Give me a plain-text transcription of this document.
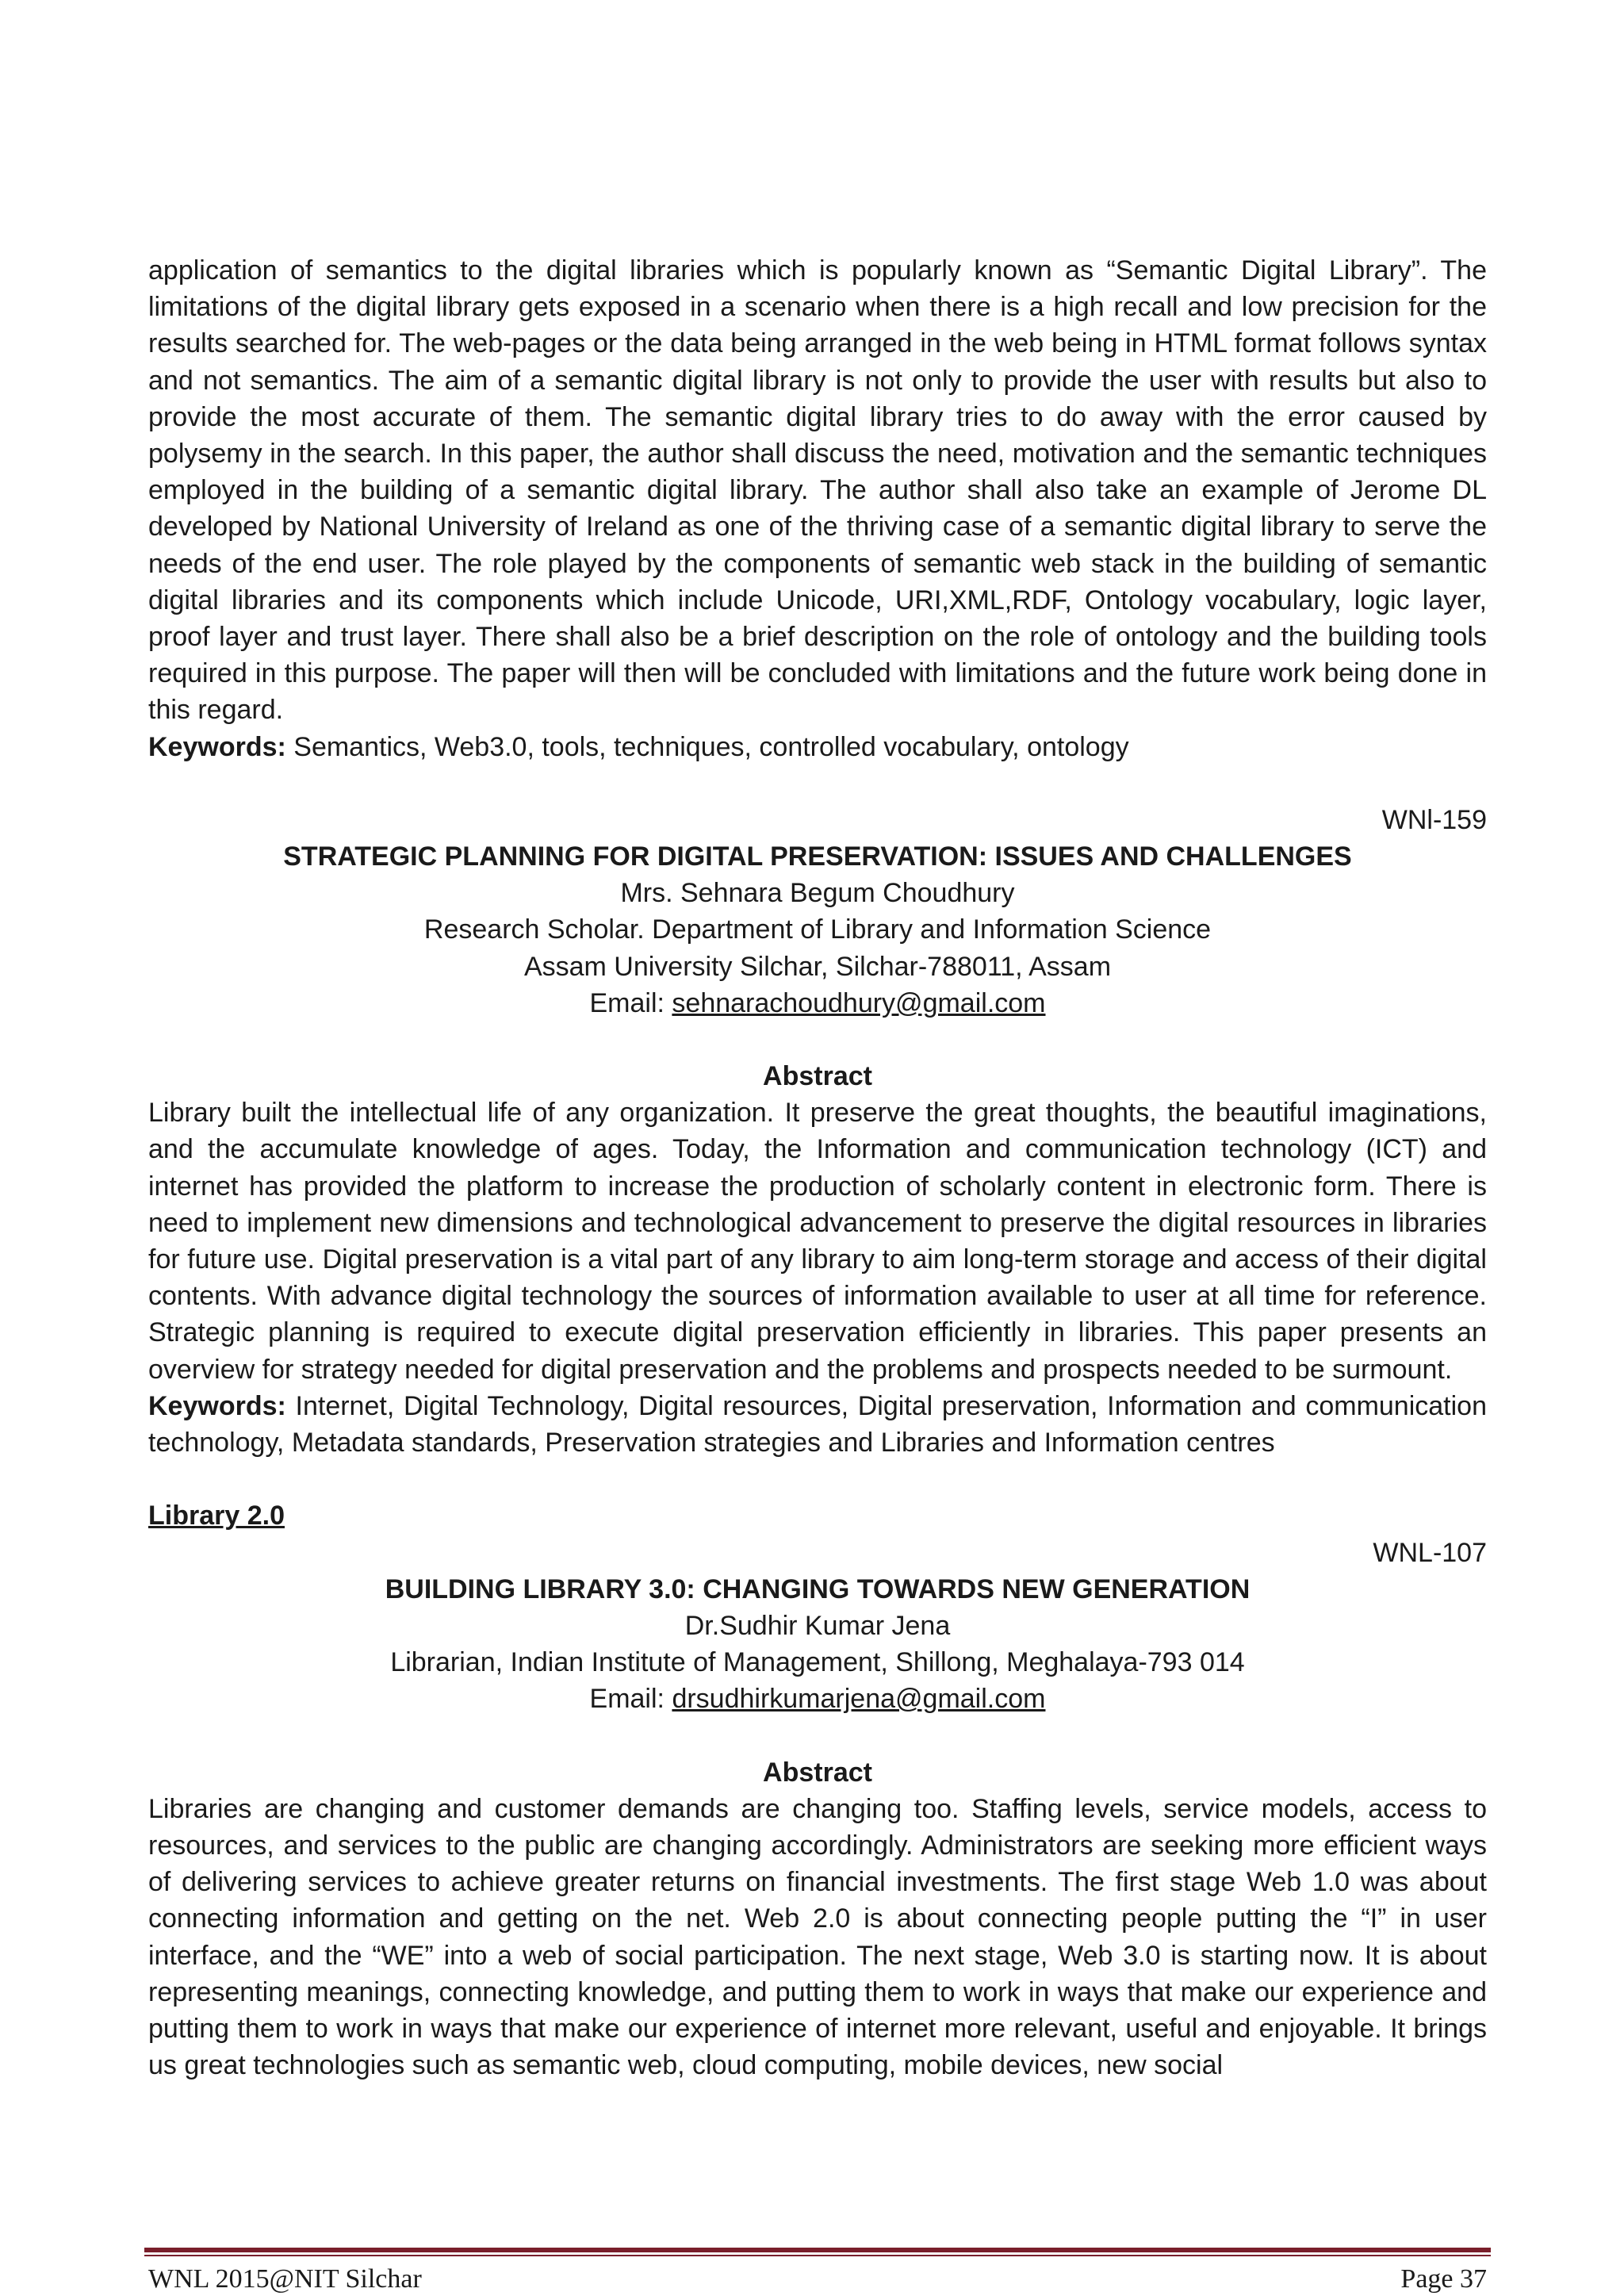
application of semantics to the digital libraries which is popularly known as “Semantic Digital Library”. The limitations of the digital library gets exposed in a scenario when there is a high recall and low precision for the results searched for. The web-pages or the data being arranged in the web being in HTML format follows syntax and not semantics. The aim of a semantic digital library is not only to provide the user with results but also to provide the most accurate of them. The semantic digital library tries to do away with the error caused by polysemy in the search. In this paper, the author shall discuss the need, motivation and the semantic techniques employed in the building of a semantic digital library. The author shall also take an example of Jerome DL developed by National University of Ireland as one of the thriving case of a semantic digital library to serve the needs of the end user. The role played by the components of semantic web stack in the building of semantic digital libraries and its components which include Unicode, URI,XML,RDF, Ontology vocabulary, logic layer, proof layer and trust layer. There shall also be a brief description on the role of ontology and the building tools required in this purpose. The paper will then will be concluded with limitations and the future work being done in this regard.

Keywords: Semantics, Web3.0, tools, techniques, controlled vocabulary, ontology

WNl-159

STRATEGIC PLANNING FOR DIGITAL PRESERVATION: ISSUES AND CHALLENGES

Mrs. Sehnara Begum Choudhury

Research Scholar. Department of Library and Information Science

Assam University Silchar, Silchar-788011, Assam

Email: sehnarachoudhury@gmail.com

Abstract

Library built the intellectual life of any organization. It preserve the great thoughts, the beautiful imaginations, and the accumulate knowledge of ages. Today, the Information and communication technology (ICT) and internet has provided the platform to increase the production of scholarly content in electronic form. There is need to implement new dimensions and technological advancement to preserve the digital resources in libraries for future use. Digital preservation is a vital part of any library to aim long-term storage and access of their digital contents. With advance digital technology the sources of information available to user at all time for reference. Strategic planning is required to execute digital preservation efficiently in libraries. This paper presents an overview for strategy needed for digital preservation and the problems and prospects needed to be surmount.

Keywords: Internet, Digital Technology, Digital resources, Digital preservation, Information and communication technology, Metadata standards, Preservation strategies and Libraries and Information centres

Library 2.0

WNL-107

BUILDING LIBRARY 3.0: CHANGING TOWARDS NEW GENERATION

Dr.Sudhir Kumar Jena

Librarian, Indian Institute of Management, Shillong, Meghalaya-793 014

Email: drsudhirkumarjena@gmail.com

Abstract

Libraries are changing and customer demands are changing too. Staffing levels, service models, access to resources, and services to the public are changing accordingly. Administrators are seeking more efficient ways of delivering services to achieve greater returns on financial investments. The first stage Web 1.0 was about connecting information and getting on the net. Web 2.0 is about connecting people putting the “I” in user interface, and the “WE” into a web of social participation. The next stage, Web 3.0 is starting now. It is about representing meanings, connecting knowledge, and putting them to work in ways that make our experience and putting them to work in ways that make our experience of internet more relevant, useful and enjoyable. It brings us great technologies such as semantic web, cloud computing, mobile devices, new social

WNL 2015@NIT Silchar	Page 37
